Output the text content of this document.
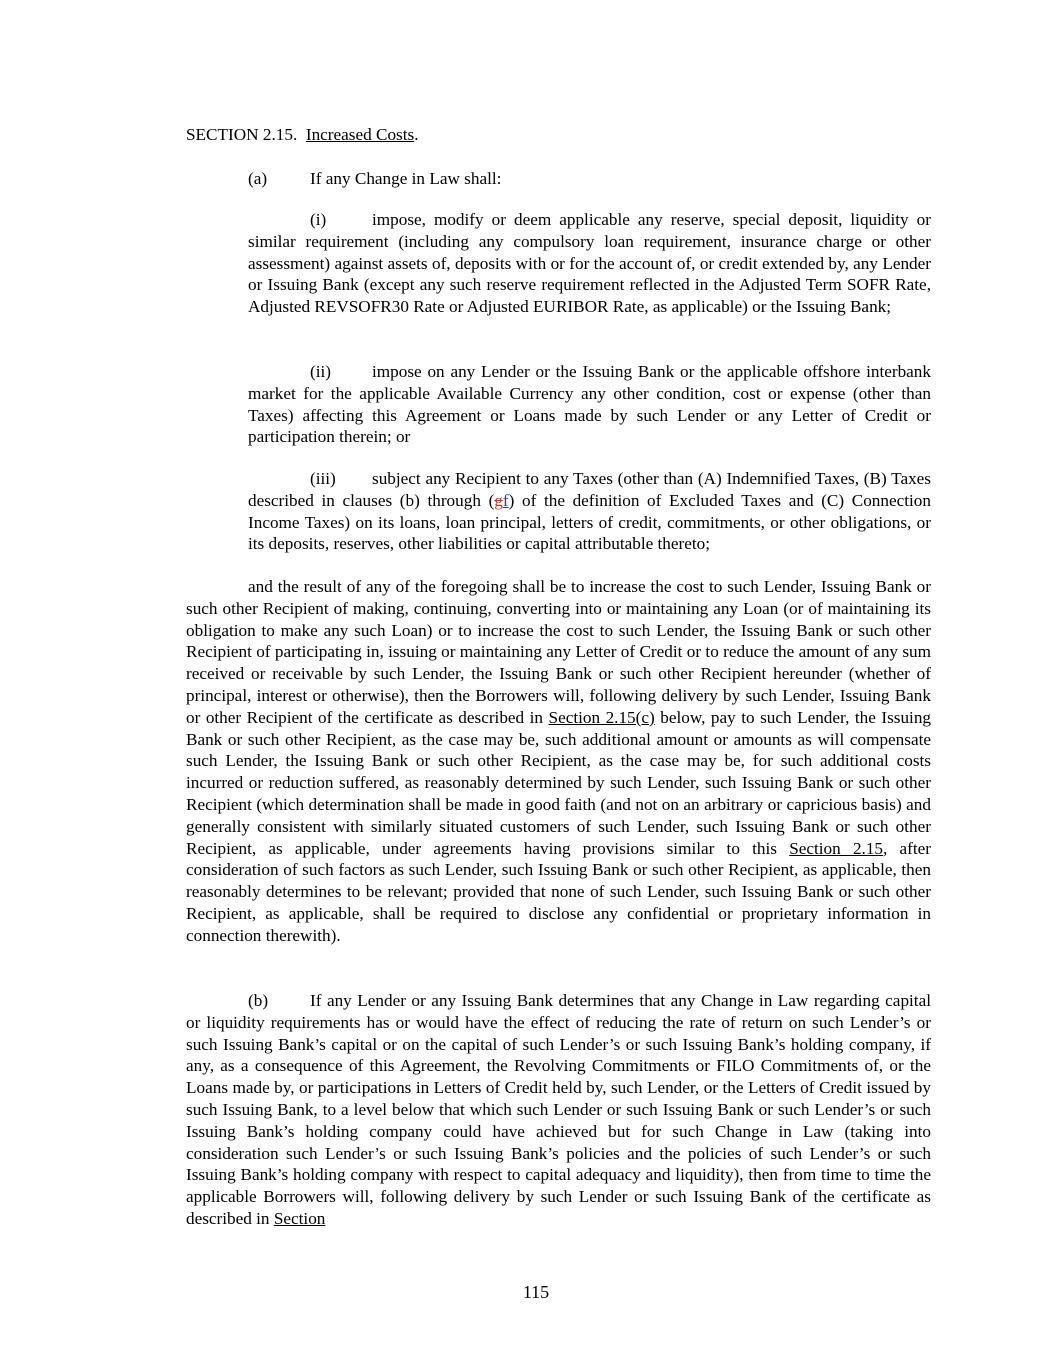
SECTION 2.15. Increased Costs.

(a) If any Change in Law shall:

(i)	impose, modify or deem applicable any reserve, special deposit, liquidity or similar requirement (including any compulsory loan requirement, insurance charge or other assessment) against assets of, deposits with or for the account of, or credit extended by, any Lender or Issuing Bank (except any such reserve requirement reflected in the Adjusted Term SOFR Rate, Adjusted REVSOFR30 Rate or Adjusted EURIBOR Rate, as applicable) or the Issuing Bank;

(ii) impose on any Lender or the Issuing Bank or the applicable offshore interbank market for the applicable Available Currency any other condition, cost or expense (other than Taxes) affecting this Agreement or Loans made by such Lender or any Letter of Credit or participation therein; or

(iii) subject any Recipient to any Taxes (other than (A) Indemnified Taxes, (B) Taxes described in clauses (b) through (gf) of the definition of Excluded Taxes and (C) Connection Income Taxes) on its loans, loan principal, letters of credit, commitments, or other obligations, or its deposits, reserves, other liabilities or capital attributable thereto;

and the result of any of the foregoing shall be to increase the cost to such Lender, Issuing Bank or such other Recipient of making, continuing, converting into or maintaining any Loan (or of maintaining its obligation to make any such Loan) or to increase the cost to such Lender, the Issuing Bank or such other Recipient of participating in, issuing or maintaining any Letter of Credit or to reduce the amount of any sum received or receivable by such Lender, the Issuing Bank or such other Recipient hereunder (whether of principal, interest or otherwise), then the Borrowers will, following delivery by such Lender, Issuing Bank or other Recipient of the certificate as described in Section 2.15(c) below, pay to such Lender, the Issuing Bank or such other Recipient, as the case may be, such additional amount or amounts as will compensate such Lender, the Issuing Bank or such other Recipient, as the case may be, for such additional costs incurred or reduction suffered, as reasonably determined by such Lender, such Issuing Bank or such other Recipient (which determination shall be made in good faith (and not on an arbitrary or capricious basis) and generally consistent with similarly situated customers of such Lender, such Issuing Bank or such other Recipient, as applicable, under agreements having provisions similar to this Section 2.15, after consideration of such factors as such Lender, such Issuing Bank or such other Recipient, as applicable, then reasonably determines to be relevant; provided that none of such Lender, such Issuing Bank or such other Recipient, as applicable, shall be required to disclose any confidential or proprietary information in connection therewith).

(b) If any Lender or any Issuing Bank determines that any Change in Law regarding capital or liquidity requirements has or would have the effect of reducing the rate of return on such Lender’s or such Issuing Bank’s capital or on the capital of such Lender’s or such Issuing Bank’s holding company, if any, as a consequence of this Agreement, the Revolving Commitments or FILO Commitments of, or the Loans made by, or participations in Letters of Credit held by, such Lender, or the Letters of Credit issued by such Issuing Bank, to a level below that which such Lender or such Issuing Bank or such Lender’s or such Issuing Bank’s holding company could have achieved but for such Change in Law (taking into consideration such Lender’s or such Issuing Bank’s policies and the policies of such Lender’s or such Issuing Bank’s holding company with respect to capital adequacy and liquidity), then from time to time the applicable Borrowers will, following delivery by such Lender or such Issuing Bank of the certificate as described in Section

115
